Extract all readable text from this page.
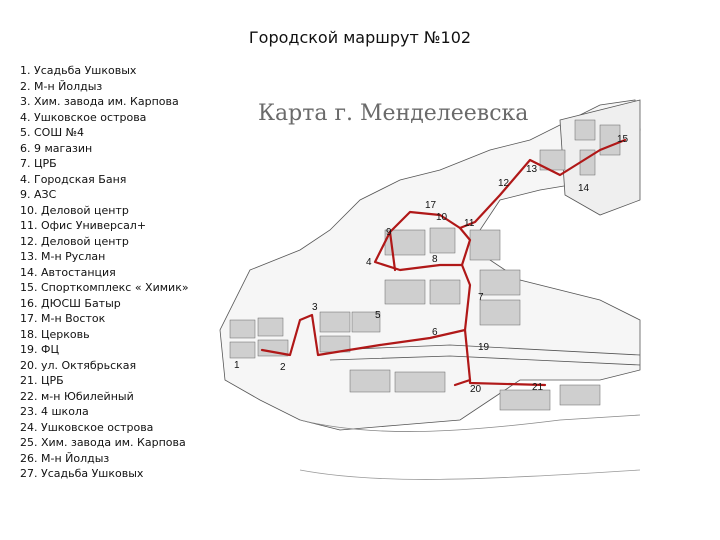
Городской маршрут №102
1. Усадьба Ушковых
2. М-н Йолдыз
3. Хим. завода им. Карпова
4. Ушковское острова
5. СОШ №4
6. 9 магазин
7. ЦРБ
4. Городская Баня
9. АЗС
10. Деловой центр
11. Офис Универсал+
12. Деловой центр
13. М-н Руслан
14. Автостанция
15. Спорткомплекс « Химик»
16. ДЮСШ Батыр
17. М-н Восток
18. Церковь
19. ФЦ
20. ул. Октябрьская
21. ЦРБ
22. м-н Юбилейный
23. 4 школа
24. Ушковское острова
25. Хим. завода им. Карпова
26. М-н Йолдыз
27. Усадьба Ушковых
Карта г. Менделеевска
1	2
3
4
5
6
7
8
9
10
11
12
13
14
15
17
19
20	21
